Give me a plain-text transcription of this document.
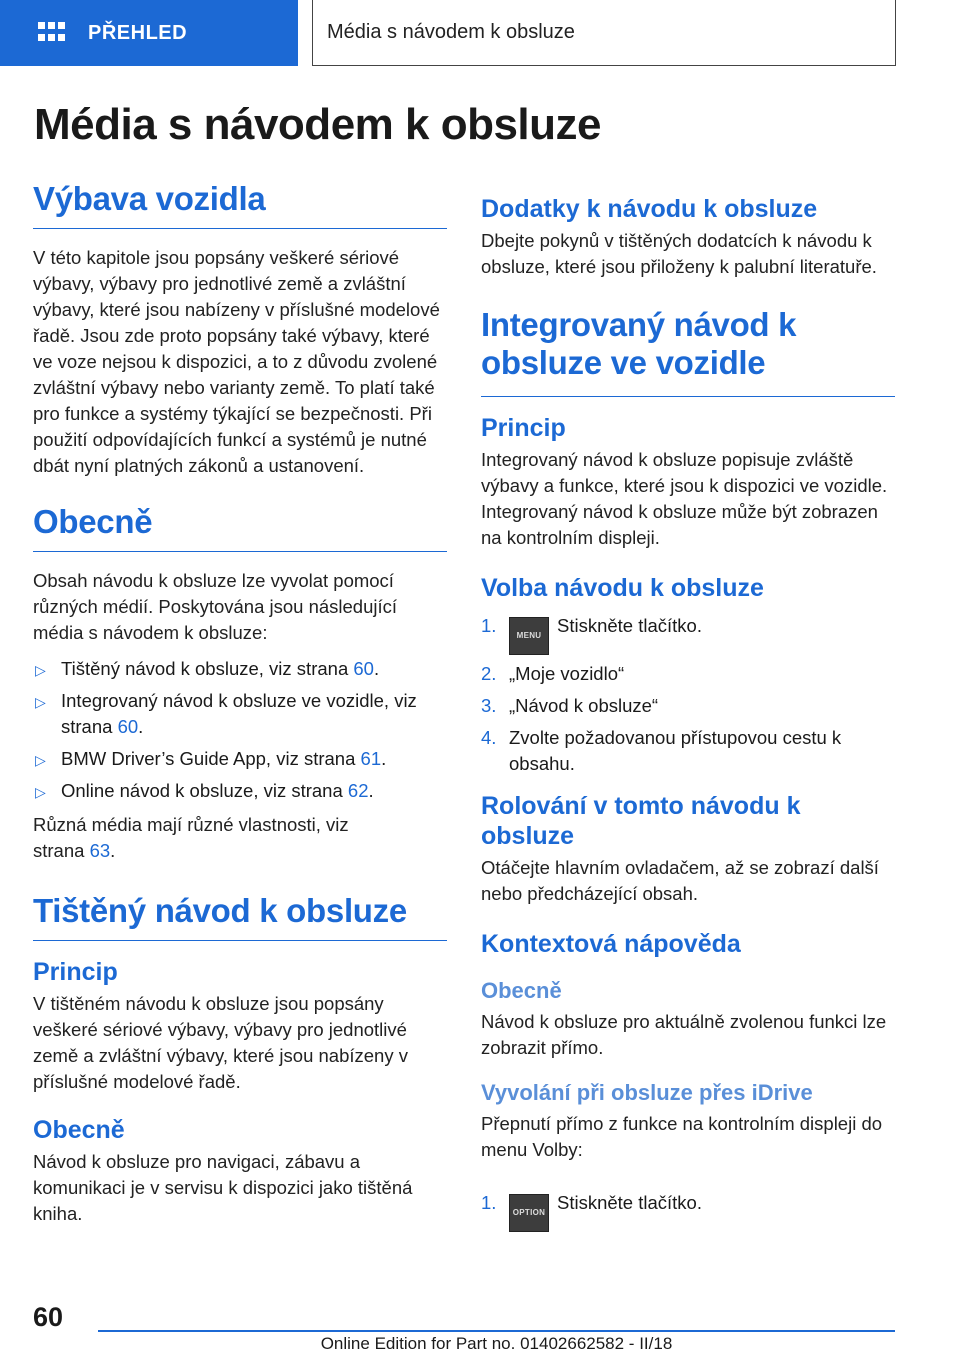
PŘEHLED	Média s návodem k obsluze
Média s návodem k obsluze
Výbava vozidla
V této kapitole jsou popsány veškeré sériové výbavy, výbavy pro jednotlivé země a zvláštní výbavy, které jsou nabízeny v příslušné modelové řadě. Jsou zde proto popsány také výbavy, které ve voze nejsou k dispozici, a to z důvodu zvolené zvláštní výbavy nebo varianty země. To platí také pro funkce a systémy týkající se bezpečnosti. Při použití odpovídajících funkcí a systémů je nutné dbát nyní platných zákonů a ustanovení.
Obecně
Obsah návodu k obsluze lze vyvolat pomocí různých médií. Poskytována jsou následující média s návodem k obsluze:
▷ Tištěný návod k obsluze, viz strana 60.
▷ Integrovaný návod k obsluze ve vozidle, viz strana 60.
▷ BMW Driver’s Guide App, viz strana 61.
▷ Online návod k obsluze, viz strana 62.
Různá média mají různé vlastnosti, viz strana 63.
Tištěný návod k obsluze
Princip
V tištěném návodu k obsluze jsou popsány veškeré sériové výbavy, výbavy pro jednotlivé země a zvláštní výbavy, které jsou nabízeny v příslušné modelové řadě.
Obecně
Návod k obsluze pro navigaci, zábavu a komunikaci je v servisu k dispozici jako tištěná kniha.
Dodatky k návodu k obsluze
Dbejte pokynů v tištěných dodatcích k návodu k obsluze, které jsou přiloženy k palubní literatuře.
Integrovaný návod k obsluze ve vozidle
Princip
Integrovaný návod k obsluze popisuje zvláště výbavy a funkce, které jsou k dispozici ve vozidle. Integrovaný návod k obsluze může být zobrazen na kontrolním displeji.
Volba návodu k obsluze
1.	MENU Stiskněte tlačítko.
2. „Moje vozidlo“
3. „Návod k obsluze“
4. Zvolte požadovanou přístupovou cestu k obsahu.
Rolování v tomto návodu k obsluze
Otáčejte hlavním ovladačem, až se zobrazí další nebo předcházející obsah.
Kontextová nápověda
Obecně
Návod k obsluze pro aktuálně zvolenou funkci lze zobrazit přímo.
Vyvolání při obsluze přes iDrive
Přepnutí přímo z funkce na kontrolním displeji do menu Volby:
1. OPTION Stiskněte tlačítko.
60
Online Edition for Part no. 01402662582 - II/18
